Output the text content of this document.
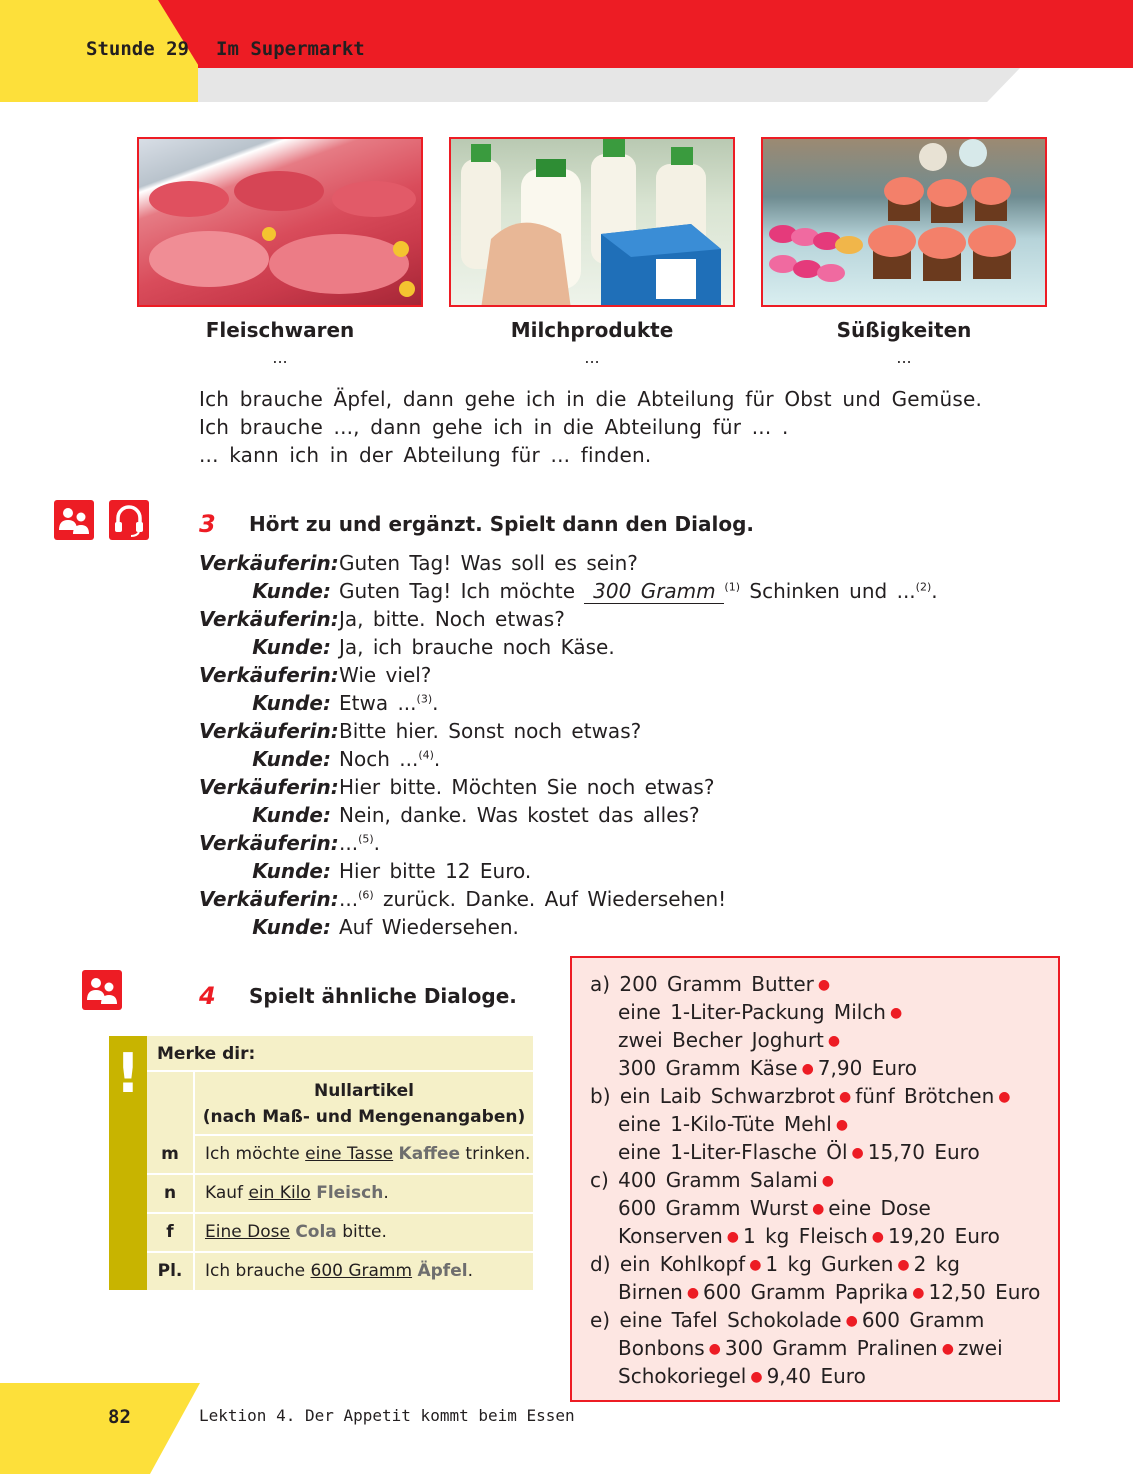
Stunde 29 Im Supermarkt
Fleischwaren	Milchprodukte	Süßigkeiten
...	...	...
Ich brauche Äpfel, dann gehe ich in die Abteilung für Obst und Gemüse.
Ich brauche ..., dann gehe ich in die Abteilung für ... .
... kann ich in der Abteilung für ... finden.
3 Hört zu und ergänzt. Spielt dann den Dialog.
Verkäuferin:Guten Tag! Was soll es sein?
Kunde: Guten Tag! Ich möchte 300 Gramm $^{(1)}$ Schinken und ...$^{(2)}$.
Verkäuferin:Ja, bitte. Noch etwas?
Kunde: Ja, ich brauche noch Käse.
Verkäuferin:Wie viel?
Kunde: Etwa ...$^{(3)}$.
Verkäuferin:Bitte hier. Sonst noch etwas?
Kunde: Noch ...$^{(4)}$.
Verkäuferin:Hier bitte. Möchten Sie noch etwas?
Kunde: Nein, danke. Was kostet das alles?
Verkäuferin:...$^{(5)}$.
Kunde: Hier bitte 12 Euro.
Verkäuferin:...$^{(6)}$ zurück. Danke. Auf Wiedersehen!
Kunde: Auf Wiedersehen.
4 Spielt ähnliche Dialoge.
! Merke dir:
Nullartikel
(nach Maß- und Mengenangaben)
m	Ich möchte eine Tasse Kaffee trinken.
n	Kauf ein Kilo Fleisch.
f	Eine Dose Cola bitte.
Pl.	Ich brauche 600 Gramm Äpfel.
a) 200 Gramm Butter ●
eine 1-Liter-Packung Milch ●
zwei Becher Joghurt ●
300 Gramm Käse ● 7,90 Euro
b) ein Laib Schwarzbrot ● fünf Brötchen ●
eine 1-Kilo-Tüte Mehl ●
eine 1-Liter-Flasche Öl ● 15,70 Euro
c) 400 Gramm Salami ●
600 Gramm Wurst ● eine Dose
Konserven ● 1 kg Fleisch ● 19,20 Euro
d) ein Kohlkopf ● 1 kg Gurken ● 2 kg
Birnen ● 600 Gramm Paprika ● 12,50 Euro
e) eine Tafel Schokolade ● 600 Gramm
Bonbons ● 300 Gramm Pralinen ● zwei
Schokoriegel ● 9,40 Euro
82	Lektion 4. Der Appetit kommt beim Essen
